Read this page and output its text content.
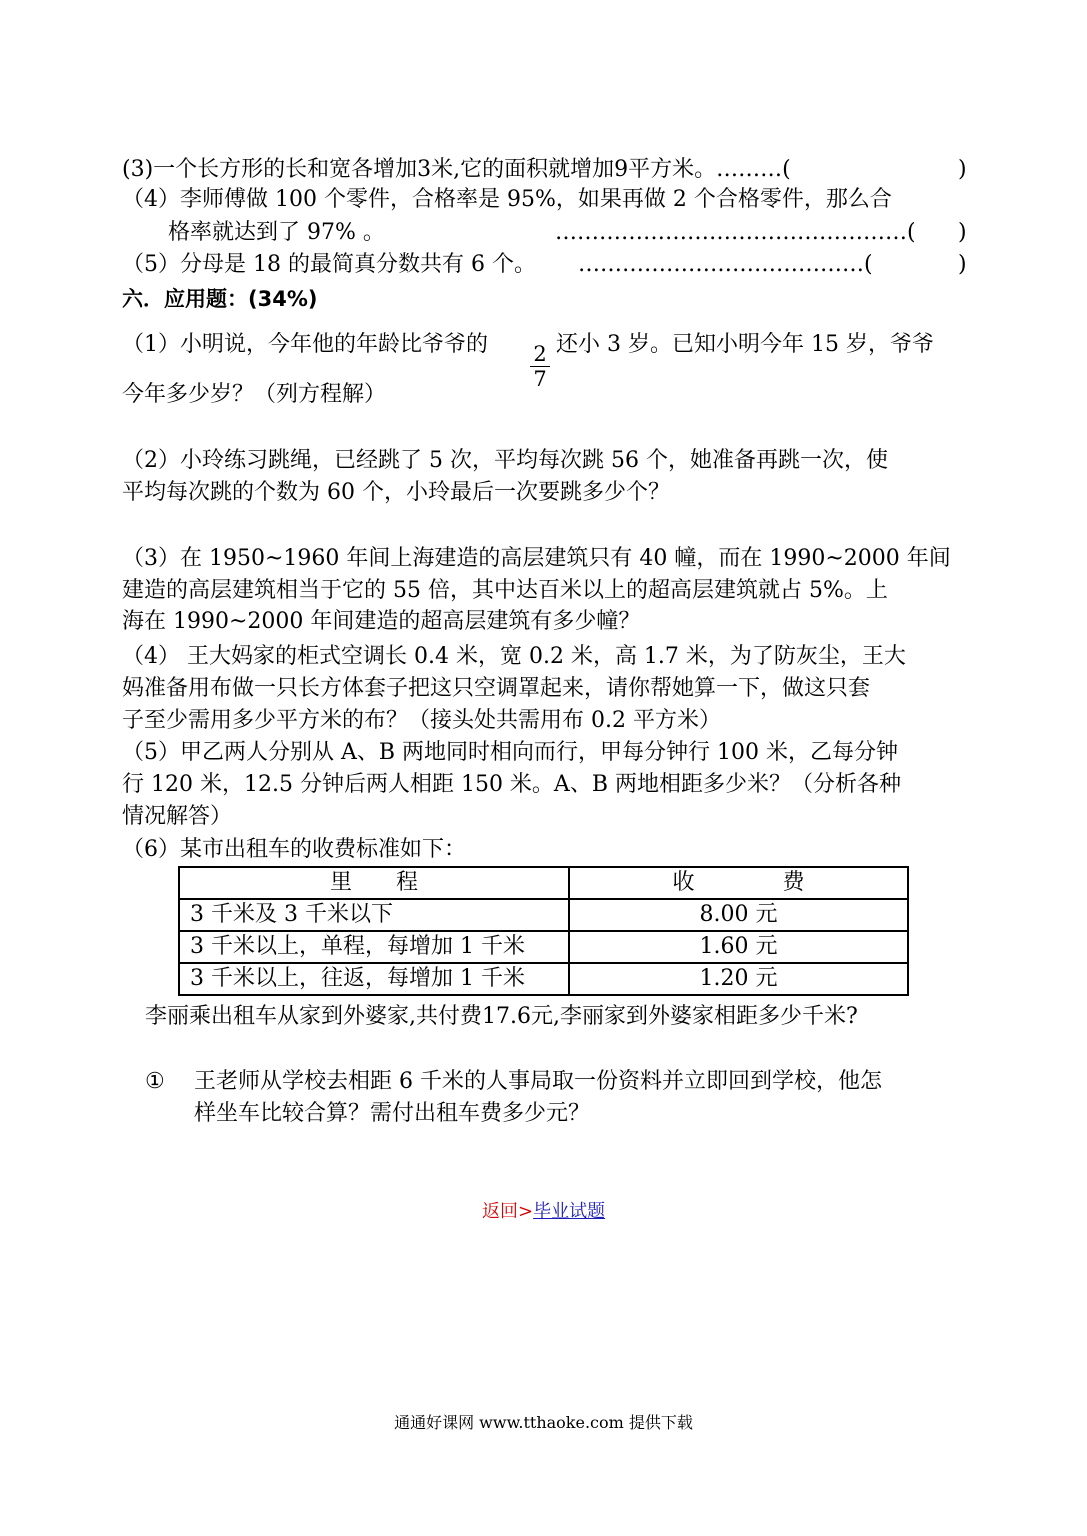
(3)一个长方形的长和宽各增加3米,它的面积就增加9平方米。………(	)
（4）李师傅做 100 个零件，合格率是 95%，如果再做 2 个合格零件，那么合
格率就达到了 97% 。	…………………………………………( )
（5）分母是 18 的最简真分数共有 6 个。 …………………………………(	)
六．应用题：(34%)
（1）小明说，今年他的年龄比爷爷的 $\frac{2}{7}$ 还小 3 岁。已知小明今年 15 岁，爷爷
今年多少岁？（列方程解）
（2）小玲练习跳绳，已经跳了 5 次，平均每次跳 56 个，她准备再跳一次，使
平均每次跳的个数为 60 个，小玲最后一次要跳多少个？
（3）在 1950~1960 年间上海建造的高层建筑只有 40 幢，而在 1990~2000 年间
建造的高层建筑相当于它的 55 倍，其中达百米以上的超高层建筑就占 5%。上
海在 1990~2000 年间建造的超高层建筑有多少幢？
（4） 王大妈家的柜式空调长 0.4 米，宽 0.2 米，高 1.7 米，为了防灰尘，王大
妈准备用布做一只长方体套子把这只空调罩起来，请你帮她算一下，做这只套
子至少需用多少平方米的布？（接头处共需用布 0.2 平方米）
（5）甲乙两人分别从 A、B 两地同时相向而行，甲每分钟行 100 米，乙每分钟
行 120 米，12.5 分钟后两人相距 150 米。A、B 两地相距多少米？（分析各种
情况解答）
（6）某市出租车的收费标准如下：
里　　程	收　　　　费
3 千米及 3 千米以下	8.00 元
3 千米以上，单程，每增加 1 千米	1.60 元
3 千米以上，往返，每增加 1 千米	1.20 元
李丽乘出租车从家到外婆家,共付费17.6元,李丽家到外婆家相距多少千米?
① 王老师从学校去相距 6 千米的人事局取一份资料并立即回到学校，他怎
样坐车比较合算？需付出租车费多少元？
返回>毕业试题
通通好课网 www.tthaoke.com 提供下载
